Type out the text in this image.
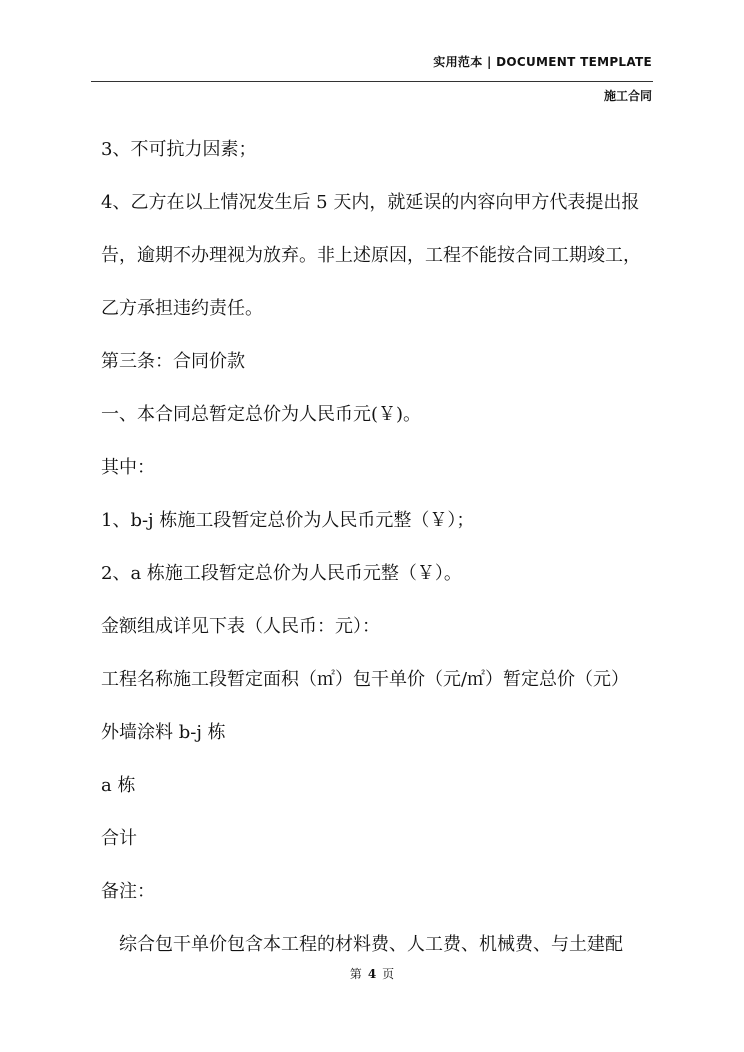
实用范本 | DOCUMENT TEMPLATE
施工合同
3、不可抗力因素；
4、乙方在以上情况发生后 5 天内，就延误的内容向甲方代表提出报
告，逾期不办理视为放弃。非上述原因，工程不能按合同工期竣工，
乙方承担违约责任。
第三条：合同价款
一、本合同总暂定总价为人民币元(￥)。
其中：
1、b-j 栋施工段暂定总价为人民币元整（￥）；
2、a 栋施工段暂定总价为人民币元整（￥）。
金额组成详见下表（人民币：元）：
工程名称施工段暂定面积（㎡）包干单价（元/㎡）暂定总价（元）
外墙涂料 b-j 栋
a 栋
合计
备注：
综合包干单价包含本工程的材料费、人工费、机械费、与土建配
第 4 页
